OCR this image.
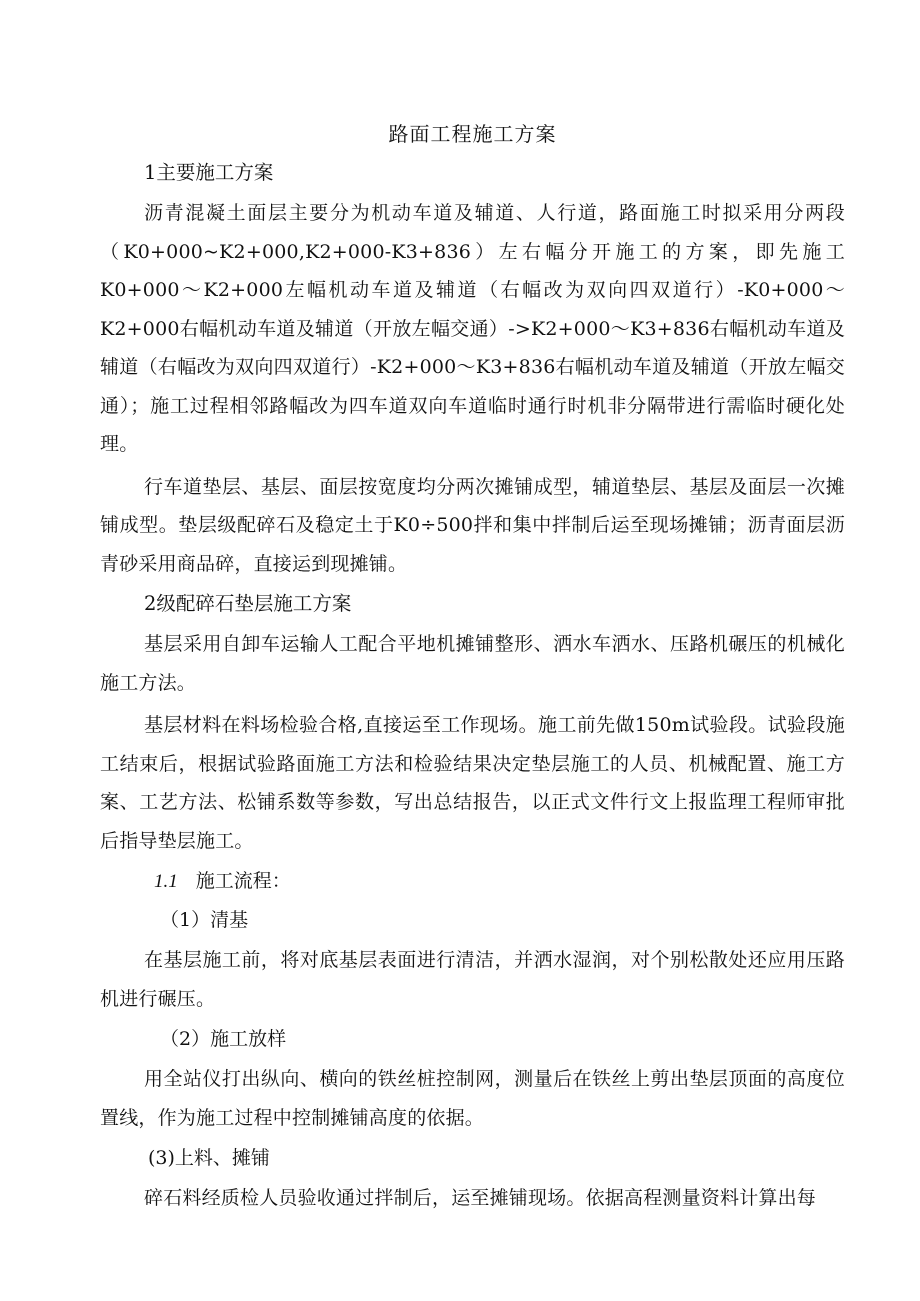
路面工程施工方案
1主要施工方案

沥青混凝土面层主要分为机动车道及辅道、人行道，路面施工时拟采用分两段（K0+000~K2+000,K2+000-K3+836）左右幅分开施工的方案，即先施工K0+000～K2+000左幅机动车道及辅道（右幅改为双向四双道行）-K0+000～K2+000右幅机动车道及辅道（开放左幅交通）->K2+000～K3+836右幅机动车道及辅道（右幅改为双向四双道行）-K2+000～K3+836右幅机动车道及辅道（开放左幅交通）；施工过程相邻路幅改为四车道双向车道临时通行时机非分隔带进行需临时硬化处理。

行车道垫层、基层、面层按宽度均分两次摊铺成型，辅道垫层、基层及面层一次摊铺成型。垫层级配碎石及稳定土于K0÷500拌和集中拌制后运至现场摊铺；沥青面层沥青砂采用商品碎，直接运到现摊铺。

2级配碎石垫层施工方案

基层采用自卸车运输人工配合平地机摊铺整形、洒水车洒水、压路机碾压的机械化施工方法。

基层材料在料场检验合格,直接运至工作现场。施工前先做150m试验段。试验段施工结束后，根据试验路面施工方法和检验结果决定垫层施工的人员、机械配置、施工方案、工艺方法、松铺系数等参数，写出总结报告，以正式文件行文上报监理工程师审批后指导垫层施工。

1.1 施工流程：
（1）清基

在基层施工前，将对底基层表面进行清洁，并洒水湿润，对个别松散处还应用压路机进行碾压。

（2）施工放样

用全站仪打出纵向、横向的铁丝桩控制网，测量后在铁丝上剪出垫层顶面的高度位置线，作为施工过程中控制摊铺高度的依据。

(3)上料、摊铺

碎石料经质检人员验收通过拌制后，运至摊铺现场。依据高程测量资料计算出每
